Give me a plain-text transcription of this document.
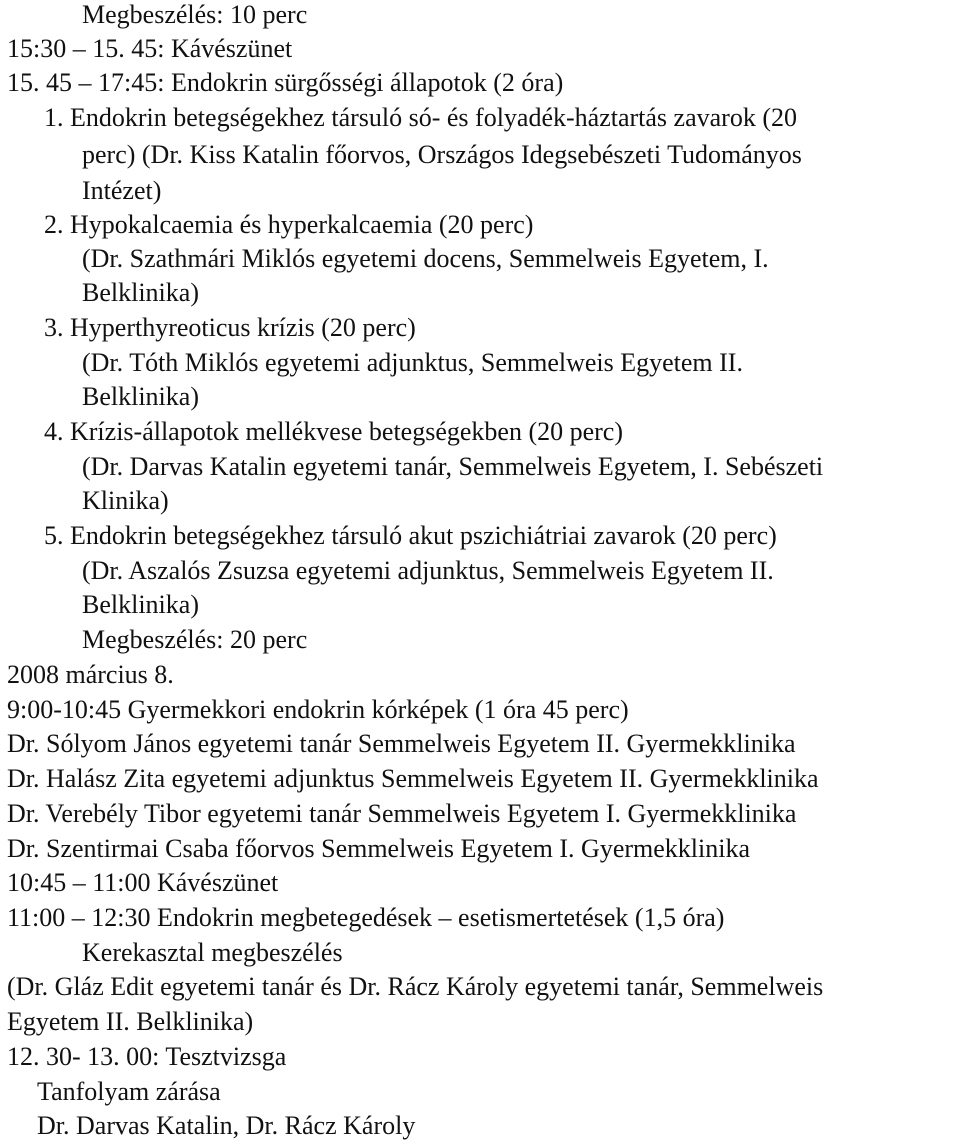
Megbeszélés: 10 perc
15:30 – 15. 45: Kávészünet
15. 45 – 17:45: Endokrin sürgősségi állapotok (2 óra)
1. Endokrin betegségekhez társuló só- és folyadék-háztartás zavarok (20
perc) (Dr. Kiss Katalin főorvos, Országos Idegsebészeti Tudományos
Intézet)
2. Hypokalcaemia és hyperkalcaemia (20 perc)
(Dr. Szathmári Miklós egyetemi docens, Semmelweis Egyetem, I.
Belklinika)
3. Hyperthyreoticus krízis (20 perc)
(Dr. Tóth Miklós egyetemi adjunktus, Semmelweis Egyetem II.
Belklinika)
4. Krízis-állapotok mellékvese betegségekben (20 perc)
(Dr. Darvas Katalin egyetemi tanár, Semmelweis Egyetem, I. Sebészeti
Klinika)
5. Endokrin betegségekhez társuló akut pszichiátriai zavarok (20 perc)
(Dr. Aszalós Zsuzsa egyetemi adjunktus, Semmelweis Egyetem II.
Belklinika)
Megbeszélés: 20 perc
2008 március 8.
9:00-10:45 Gyermekkori endokrin kórképek (1 óra 45 perc)
Dr. Sólyom János egyetemi tanár Semmelweis Egyetem II. Gyermekklinika
Dr. Halász Zita egyetemi adjunktus Semmelweis Egyetem II. Gyermekklinika
Dr. Verebély Tibor egyetemi tanár Semmelweis Egyetem I. Gyermekklinika
Dr. Szentirmai Csaba főorvos Semmelweis Egyetem I. Gyermekklinika
10:45 – 11:00 Kávészünet
11:00 – 12:30 Endokrin megbetegedések – esetismertetések (1,5 óra)
Kerekasztal megbeszélés
(Dr. Gláz Edit egyetemi tanár és Dr. Rácz Károly egyetemi tanár, Semmelweis
Egyetem II. Belklinika)
12. 30- 13. 00: Tesztvizsga
Tanfolyam zárása
Dr. Darvas Katalin, Dr. Rácz Károly
